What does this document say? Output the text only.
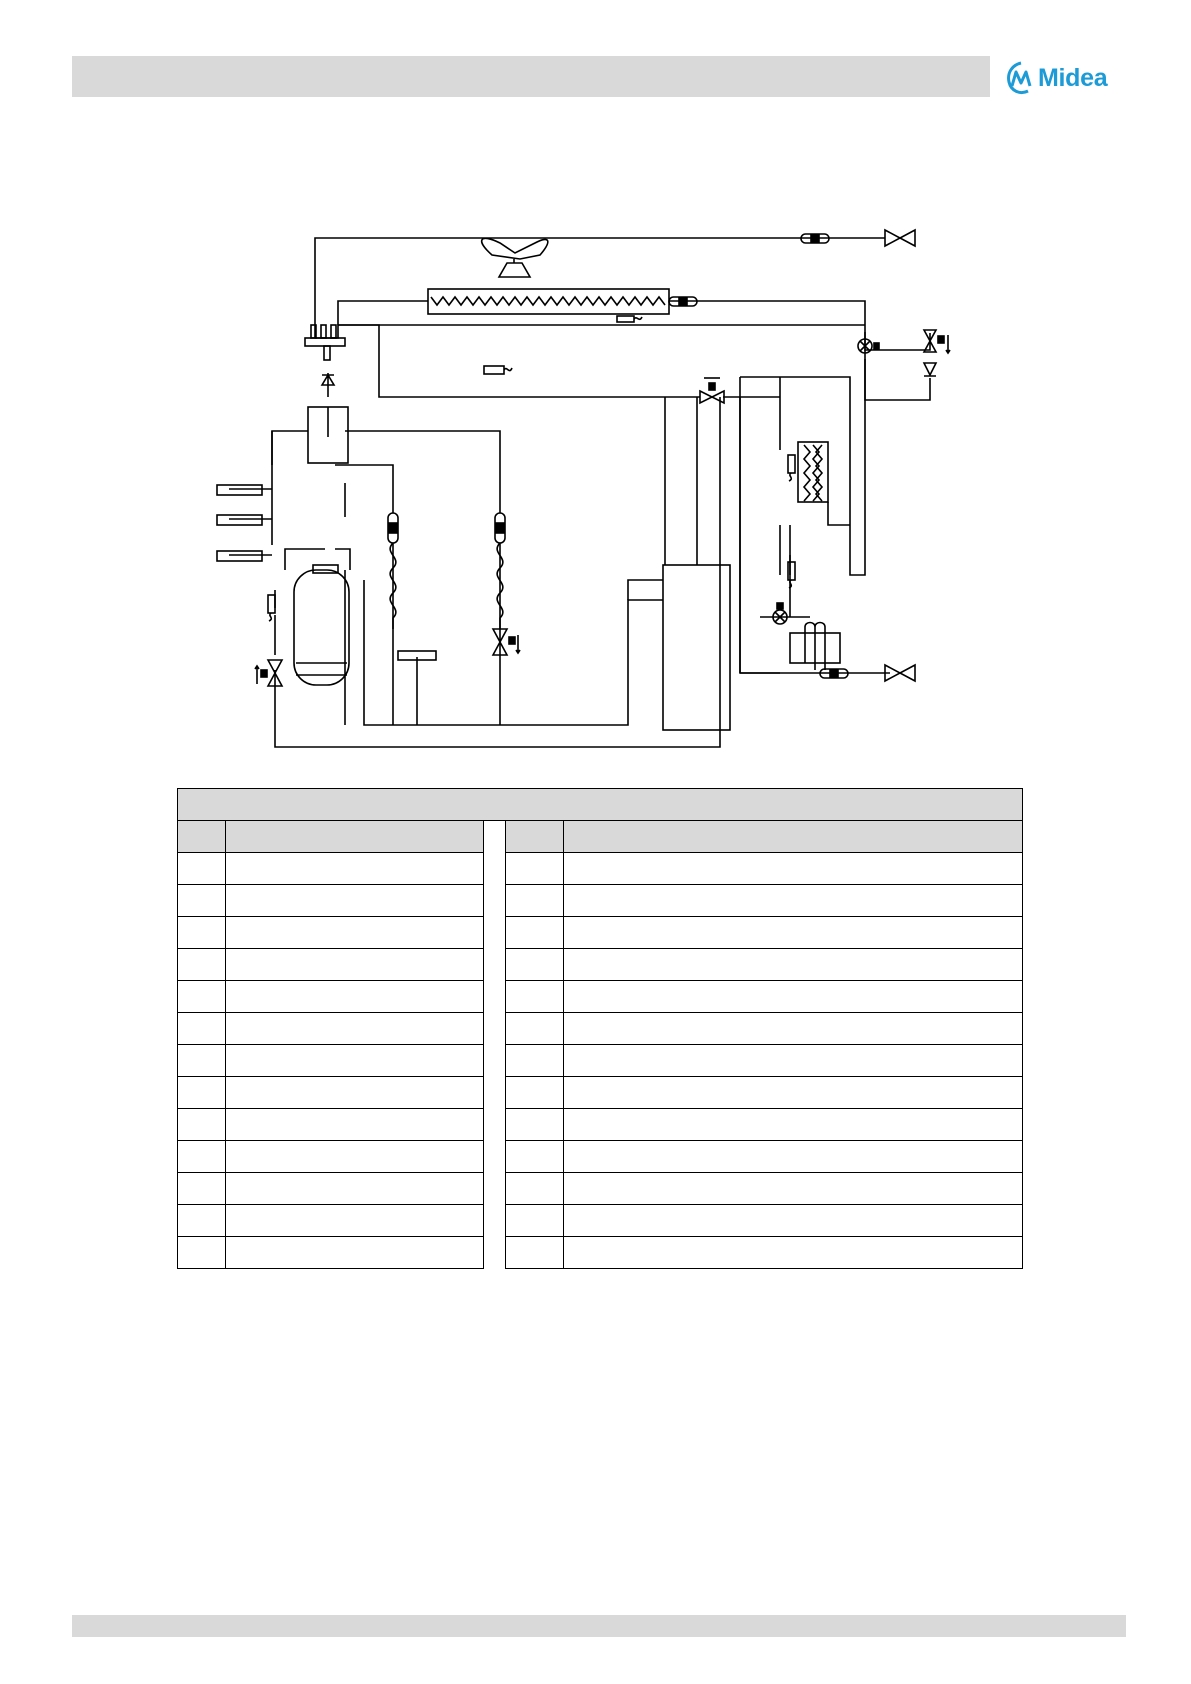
Midea
